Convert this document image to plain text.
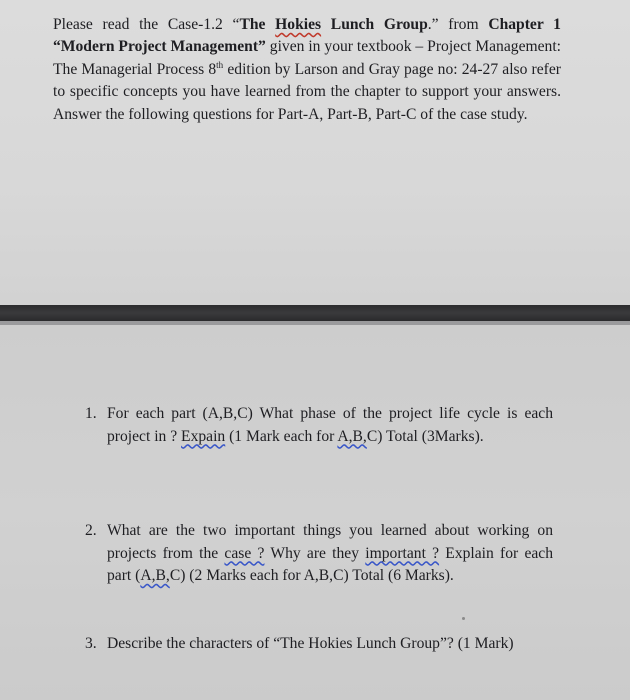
Please read the Case-1.2 “The Hokies Lunch Group.” from Chapter 1 “Modern Project Management” given in your textbook – Project Management: The Managerial Process 8th edition by Larson and Gray page no: 24-27 also refer to specific concepts you have learned from the chapter to support your answers. Answer the following questions for Part-A, Part-B, Part-C of the case study.

1. For each part (A,B,C) What phase of the project life cycle is each project in ? Expain (1 Mark each for A,B,C) Total (3Marks).
2. What are the two important things you learned about working on projects from the case ? Why are they important ? Explain for each part (A,B,C) (2 Marks each for A,B,C) Total (6 Marks).
3. Describe the characters of “The Hokies Lunch Group”? (1 Mark)
